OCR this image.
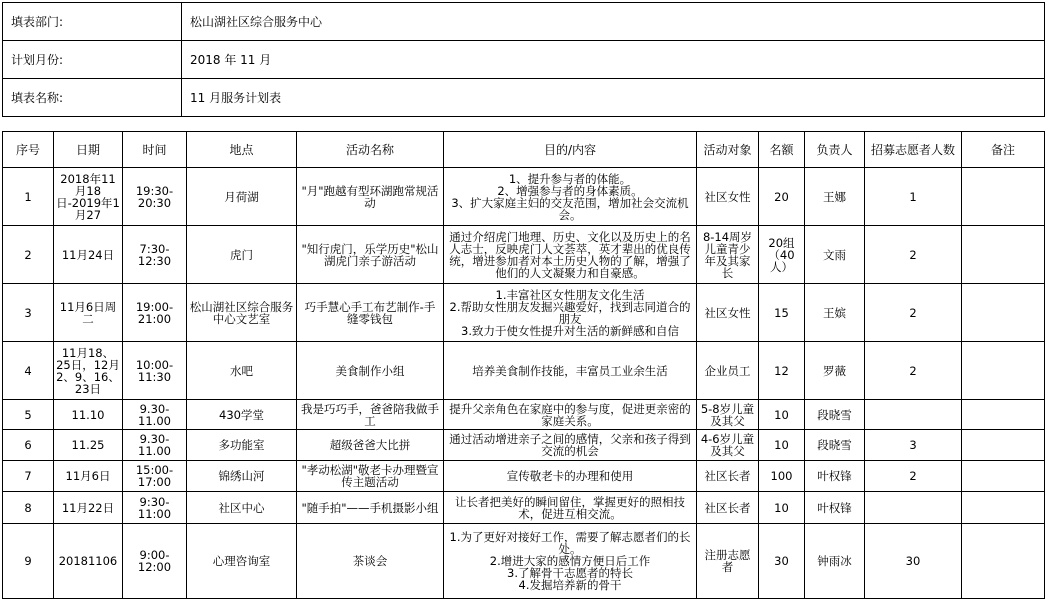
填表部门:	松山湖社区综合服务中心
计划月份:	2018 年 11 月
填表名称:	11 月服务计划表
序号	日期	时间	地点	活动名称	目的/内容	活动对象	名额	负责人	招募志愿者人数	备注
1	2018年11月18日-2019年1月27	19:30-20:30	月荷湖	"月"跑越有型环湖跑常规活动	1、提升参与者的体能。
2、增强参与者的身体素质。
3、扩大家庭主妇的交友范围，增加社会交流机会。	社区女性	20	王娜	1	
2	11月24日	7:30-12:30	虎门	"知行虎门，乐学历史"松山湖虎门亲子游活动	通过介绍虎门地理、历史、文化以及历史上的名人志士，反映虎门人文荟萃，英才辈出的优良传统，增进参加者对本土历史人物的了解，增强了他们的人文凝聚力和自豪感。	8-14周岁儿童青少年及其家长	20组（40人）	文雨	2	
3	11月6日周二	19:00-21:00	松山湖社区综合服务中心文艺室	巧手慧心手工布艺制作-手缝零钱包	1.丰富社区女性朋友文化生活
2.帮助女性朋友发掘兴趣爱好，找到志同道合的朋友
3.致力于使女性提升对生活的新鲜感和自信	社区女性	15	王嫔	2	
4	11月18、25日，12月2、9、16、23日	10:00-11:30	水吧	美食制作小组	培养美食制作技能，丰富员工业余生活	企业员工	12	罗薇	2	
5	11.10	9.30-11.00	430学堂	我是巧巧手，爸爸陪我做手工	提升父亲角色在家庭中的参与度，促进更亲密的家庭关系。	5-8岁儿童及其父	10	段晓雪		
6	11.25	9.30-11.00	多功能室	超级爸爸大比拼	通过活动增进亲子之间的感情，父亲和孩子得到交流的机会	4-6岁儿童及其父	10	段晓雪	3	
7	11月6日	15:00-17:00	锦绣山河	"孝动松湖"敬老卡办理暨宣传主题活动	宣传敬老卡的办理和使用	社区长者	100	叶权锋	2	
8	11月22日	9:30-11:00	社区中心	"随手拍"——手机摄影小组	让长者把美好的瞬间留住，掌握更好的照相技术，促进互相交流。	社区长者	10	叶权锋		
9	20181106	9:00-12:00	心理咨询室	茶谈会	1.为了更好对接好工作，需要了解志愿者们的长处。
2.增进大家的感情方便日后工作
3.了解骨干志愿者的特长
4.发掘培养新的骨干	注册志愿者	30	钟雨冰	30	
